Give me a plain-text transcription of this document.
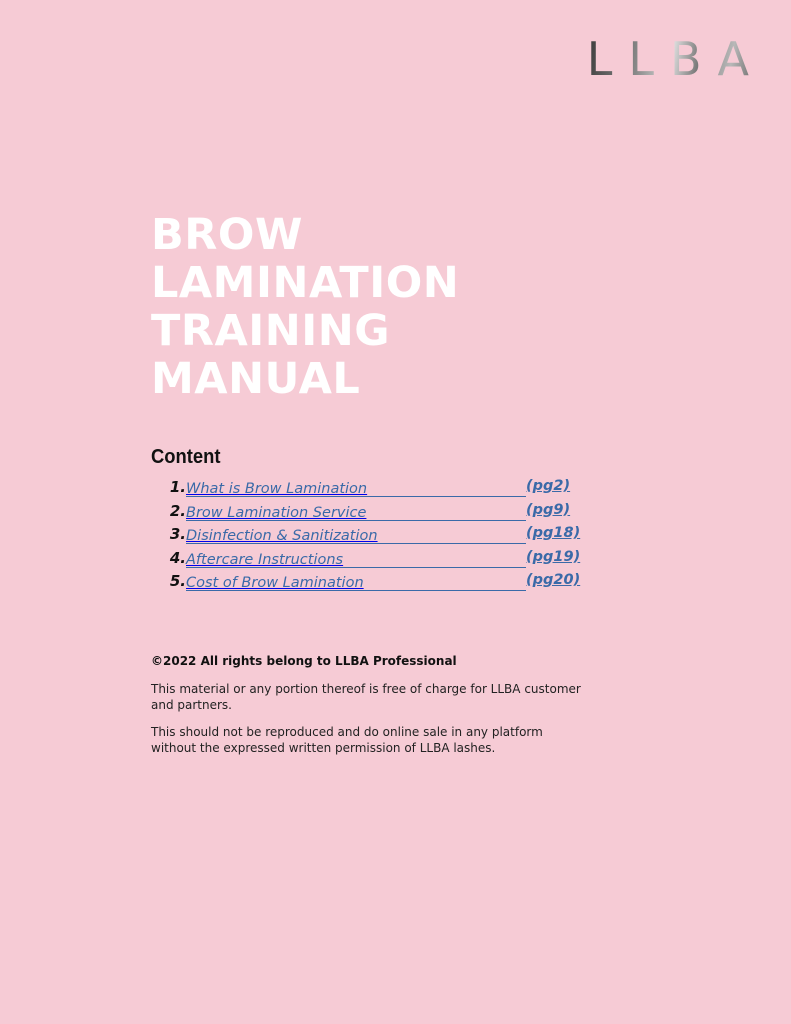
LLBA
BROW
LAMINATION
TRAINING
MANUAL
Content
1. What is Brow Lamination	(pg2)
2. Brow Lamination Service	(pg9)
3. Disinfection & Sanitization	(pg18)
4. Aftercare Instructions	(pg19)
5. Cost of Brow Lamination	(pg20)

©2022 All rights belong to LLBA Professional

This material or any portion thereof is free of charge for LLBA customer and partners.

This should not be reproduced and do online sale in any platform without the expressed written permission of LLBA lashes.
